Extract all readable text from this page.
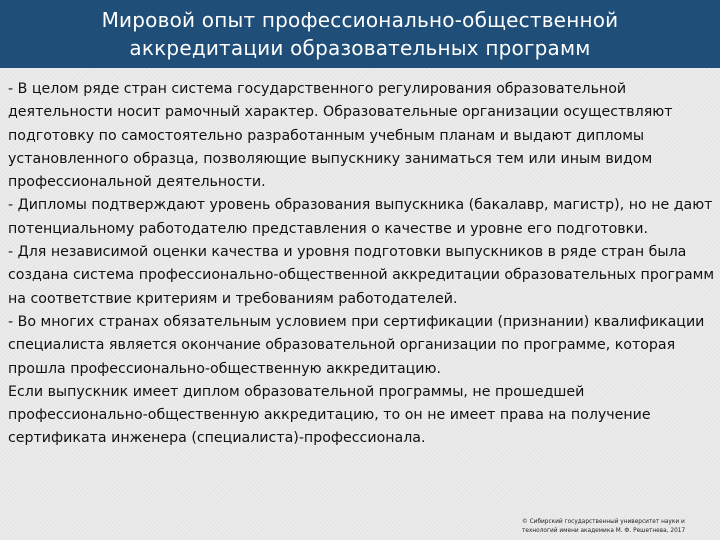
Мировой опыт профессионально-общественной
аккредитации образовательных программ
- В целом ряде стран система государственного регулирования образовательной деятельности носит рамочный характер. Образовательные организации осуществляют подготовку по самостоятельно разработанным учебным планам и выдают дипломы установленного образца, позволяющие выпускнику заниматься тем или иным видом профессиональной деятельности.
- Дипломы подтверждают уровень образования выпускника (бакалавр, магистр), но не дают потенциальному работодателю представления о качестве и уровне его подготовки.
- Для независимой оценки качества и уровня подготовки выпускников в ряде стран была создана система профессионально-общественной аккредитации образовательных программ на соответствие критериям и требованиям работодателей.
- Во многих странах обязательным условием при сертификации (признании) квалификации специалиста является окончание образовательной организации по программе, которая прошла профессионально-общественную аккредитацию.
Если выпускник имеет диплом образовательной программы, не прошедшей профессионально-общественную аккредитацию, то он не имеет права на получение сертификата инженера (специалиста)-профессионала.
© Сибирский государственный университет науки и
технологий имени академика М. Ф. Решетнева, 2017
